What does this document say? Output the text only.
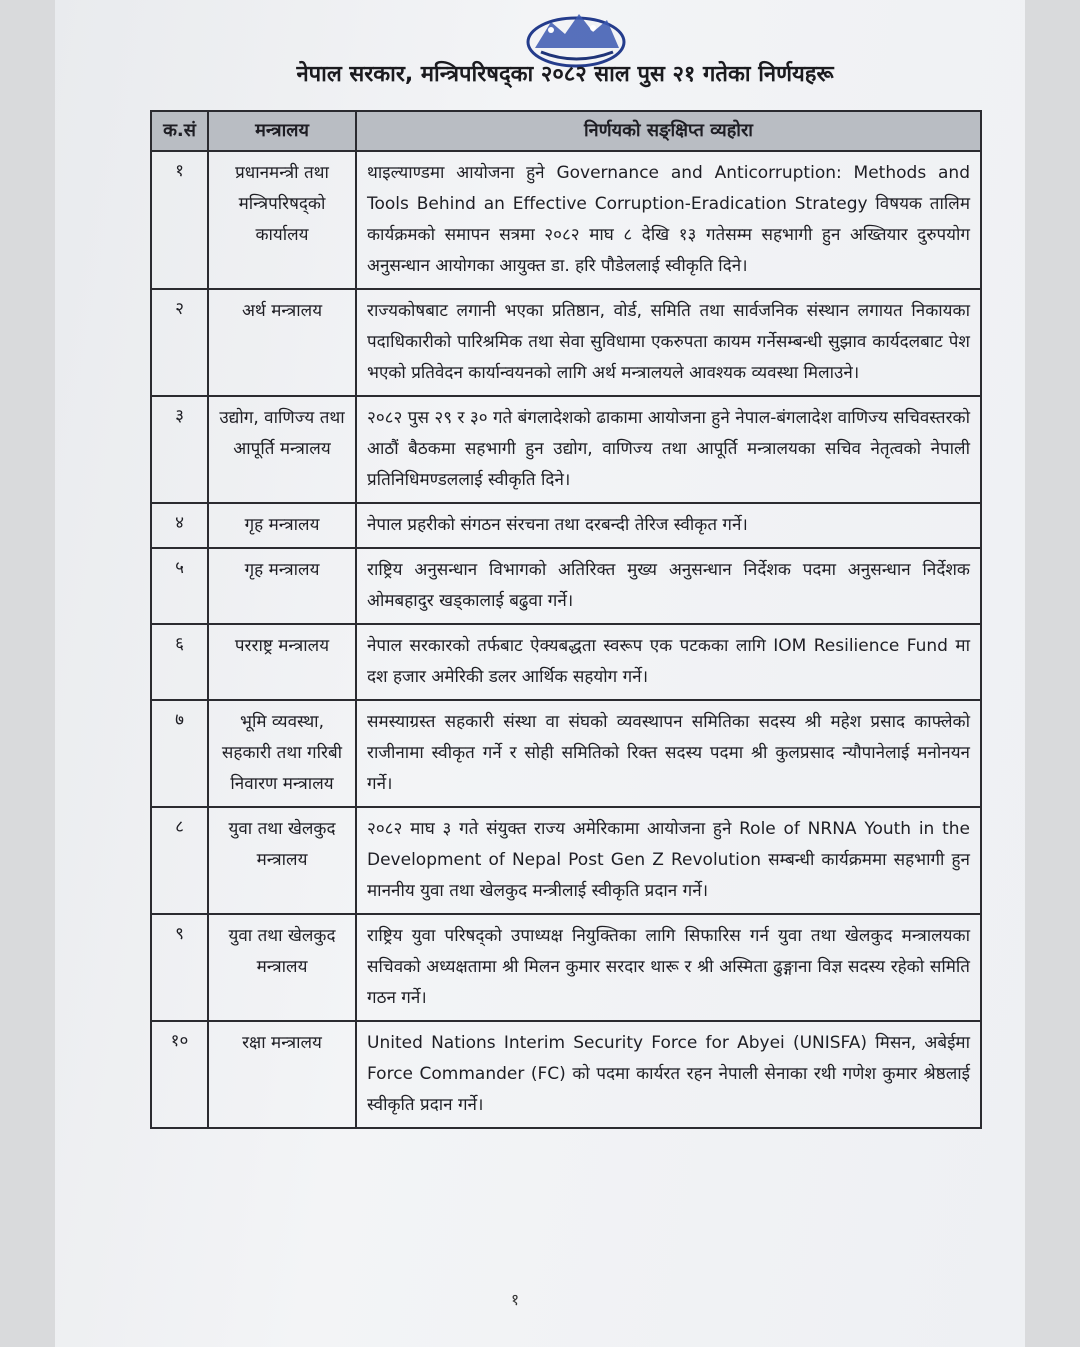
नेपाल सरकार, मन्त्रिपरिषद्का २०८२ साल पुस २१ गतेका निर्णयहरू
क.सं	मन्त्रालय	निर्णयको सङ्क्षिप्त व्यहोरा
१	प्रधानमन्त्री तथा मन्त्रिपरिषद्को कार्यालय	थाइल्याण्डमा आयोजना हुने Governance and Anticorruption: Methods and Tools Behind an Effective Corruption-Eradication Strategy विषयक तालिम कार्यक्रमको समापन सत्रमा २०८२ माघ ८ देखि १३ गतेसम्म सहभागी हुन अख्तियार दुरुपयोग अनुसन्धान आयोगका आयुक्त डा. हरि पौडेललाई स्वीकृति दिने।
२	अर्थ मन्त्रालय	राज्यकोषबाट लगानी भएका प्रतिष्ठान, वोर्ड, समिति तथा सार्वजनिक संस्थान लगायत निकायका पदाधिकारीको पारिश्रमिक तथा सेवा सुविधामा एकरुपता कायम गर्नेसम्बन्धी सुझाव कार्यदलबाट पेश भएको प्रतिवेदन कार्यान्वयनको लागि अर्थ मन्त्रालयले आवश्यक व्यवस्था मिलाउने।
३	उद्योग, वाणिज्य तथा आपूर्ति मन्त्रालय	२०८२ पुस २९ र ३० गते बंगलादेशको ढाकामा आयोजना हुने नेपाल-बंगलादेश वाणिज्य सचिवस्तरको आठौं बैठकमा सहभागी हुन उद्योग, वाणिज्य तथा आपूर्ति मन्त्रालयका सचिव नेतृत्वको नेपाली प्रतिनिधिमण्डललाई स्वीकृति दिने।
४	गृह मन्त्रालय	नेपाल प्रहरीको संगठन संरचना तथा दरबन्दी तेरिज स्वीकृत गर्ने।
५	गृह मन्त्रालय	राष्ट्रिय अनुसन्धान विभागको अतिरिक्त मुख्य अनुसन्धान निर्देशक पदमा अनुसन्धान निर्देशक ओमबहादुर खड्कालाई बढुवा गर्ने।
६	परराष्ट्र मन्त्रालय	नेपाल सरकारको तर्फबाट ऐक्यबद्धता स्वरूप एक पटकका लागि IOM Resilience Fund मा दश हजार अमेरिकी डलर आर्थिक सहयोग गर्ने।
७	भूमि व्यवस्था, सहकारी तथा गरिबी निवारण मन्त्रालय	समस्याग्रस्त सहकारी संस्था वा संघको व्यवस्थापन समितिका सदस्य श्री महेश प्रसाद काफ्लेको राजीनामा स्वीकृत गर्ने र सोही समितिको रिक्त सदस्य पदमा श्री कुलप्रसाद न्यौपानेलाई मनोनयन गर्ने।
८	युवा तथा खेलकुद मन्त्रालय	२०८२ माघ ३ गते संयुक्त राज्य अमेरिकामा आयोजना हुने Role of NRNA Youth in the Development of Nepal Post Gen Z Revolution सम्बन्धी कार्यक्रममा सहभागी हुन माननीय युवा तथा खेलकुद मन्त्रीलाई स्वीकृति प्रदान गर्ने।
९	युवा तथा खेलकुद मन्त्रालय	राष्ट्रिय युवा परिषद्को उपाध्यक्ष नियुक्तिका लागि सिफारिस गर्न युवा तथा खेलकुद मन्त्रालयका सचिवको अध्यक्षतामा श्री मिलन कुमार सरदार थारू र श्री अस्मिता ढुङ्गाना विज्ञ सदस्य रहेको समिति गठन गर्ने।
१०	रक्षा मन्त्रालय	United Nations Interim Security Force for Abyei (UNISFA) मिसन, अबेईमा Force Commander (FC) को पदमा कार्यरत रहन नेपाली सेनाका रथी गणेश कुमार श्रेष्ठलाई स्वीकृति प्रदान गर्ने।
१
